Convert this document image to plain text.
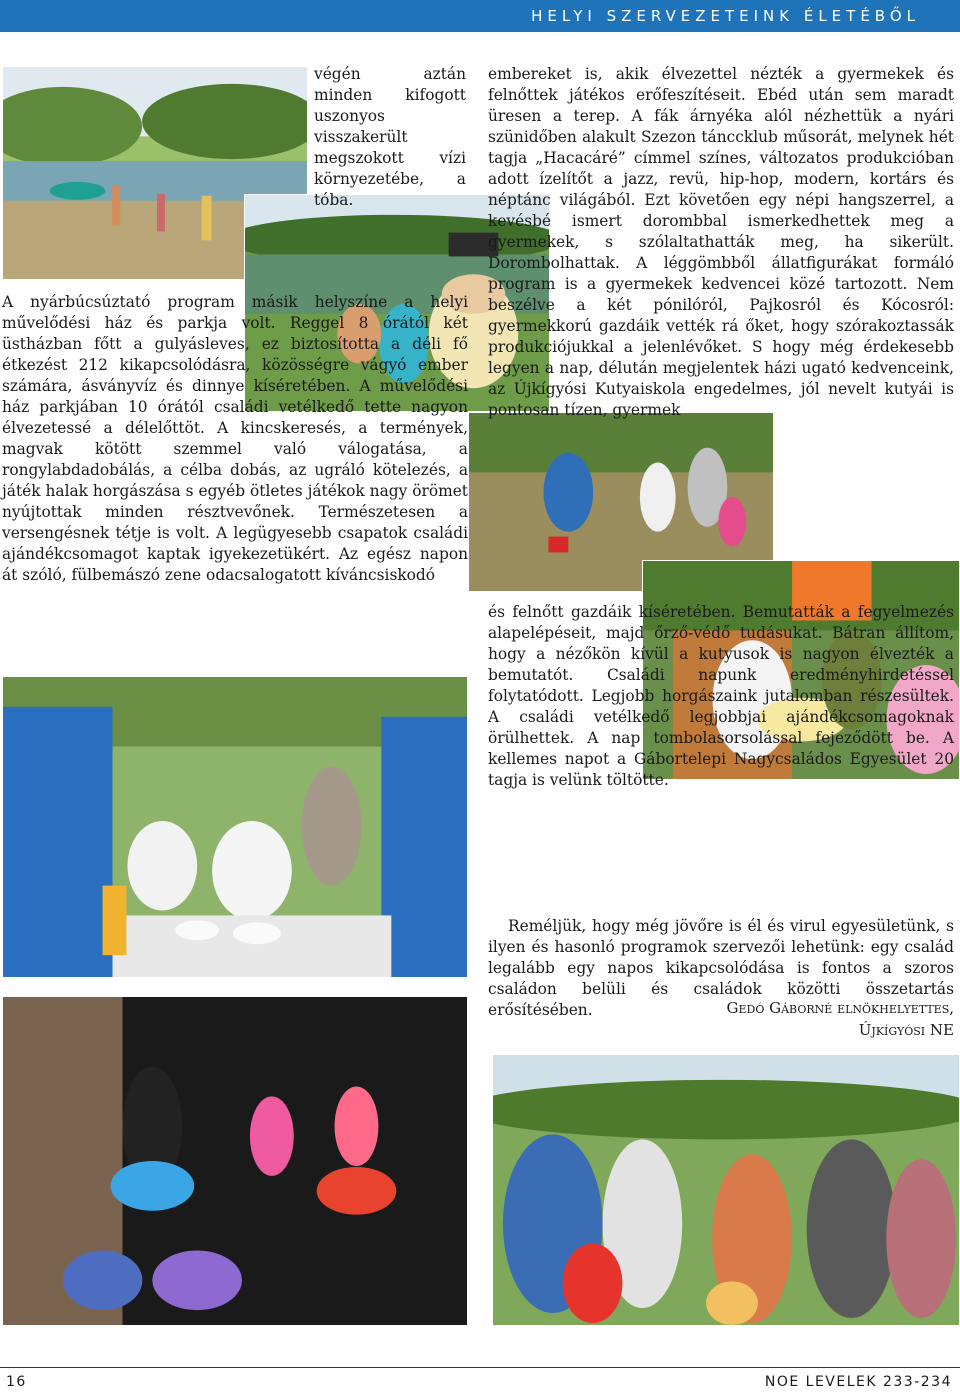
HELYI SZERVEZETEINK ÉLETÉBŐL
végén aztán minden kifogott uszonyos visszakerült megszokott vízi környezetébe, a tóba.
A nyárbúcsúztató program másik helyszíne a helyi művelődési ház és parkja volt. Reggel 8 órától két üstházban főtt a gulyásleves, ez biztosította a déli fő étkezést 212 kikapcsolódásra, közösségre vágyó ember számára, ásványvíz és dinnye kíséretében. A művelődési ház parkjában 10 órától családi vetélkedő tette nagyon élvezetessé a délelőttöt. A kincskeresés, a termények, magvak kötött szemmel való válogatása, a rongylabdadobálás, a célba dobás, az ugráló kötelezés, a játék halak horgászása s egyéb ötletes játékok nagy örömet nyújtottak minden résztvevőnek. Természetesen a versengésnek tétje is volt. A legügyesebb csapatok családi ajándékcsomagot kaptak igyekezetükért. Az egész napon át szóló, fülbemászó zene odacsalogatott kíváncsiskodó
embereket is, akik élvezettel nézték a gyermekek és felnőttek játékos erőfeszítéseit. Ebéd után sem maradt üresen a terep. A fák árnyéka alól nézhettük a nyári szünidőben alakult Szezon tánccklub műsorát, melynek hét tagja „Hacacáré” címmel színes, változatos produkcióban adott ízelítőt a jazz, revü, hip-hop, modern, kortárs és néptánc világából. Ezt követően egy népi hangszerrel, a kevésbé ismert dorombbal ismerkedhettek meg a gyermekek, s szólaltathatták meg, ha sikerült. Dorombolhattak. A léggömbből állatfigurákat formáló program is a gyermekek kedvencei közé tartozott. Nem beszélve a két pónilóról, Pajkosról és Kócosról: gyermekkorú gazdáik vették rá őket, hogy szórakoztassák produkciójukkal a jelenlévőket. S hogy még érdekesebb legyen a nap, délután megjelentek házi ugató kedvenceink, az Újkígyósi Kutyaiskola engedelmes, jól nevelt kutyái is pontosan tízen, gyermek
és felnőtt gazdáik kíséretében. Bemutatták a fegyelmezés alapelépéseit, majd őrző-védő tudásukat. Bátran állítom, hogy a nézőkön kívül a kutyusok is nagyon élvezték a bemutatót. Családi napunk eredményhirdetéssel folytatódott. Legjobb horgászaink jutalomban részesültek. A családi vetélkedő legjobbjai ajándékcsomagoknak örülhettek. A nap tombolasorsolással fejeződött be. A kellemes napot a Gábortelepi Nagycsaládos Egyesület 20 tagja is velünk töltötte.
Reméljük, hogy még jövőre is él és virul egyesületünk, s ilyen és hasonló programok szervezői lehetünk: egy család legalább egy napos kikapcsolódása is fontos a szoros családon belüli és családok közötti összetartás erősítésében.	Gedó Gáborné elnökhelyettes,
Újkígyósi NE
16	NOE LEVELEK 233-234
